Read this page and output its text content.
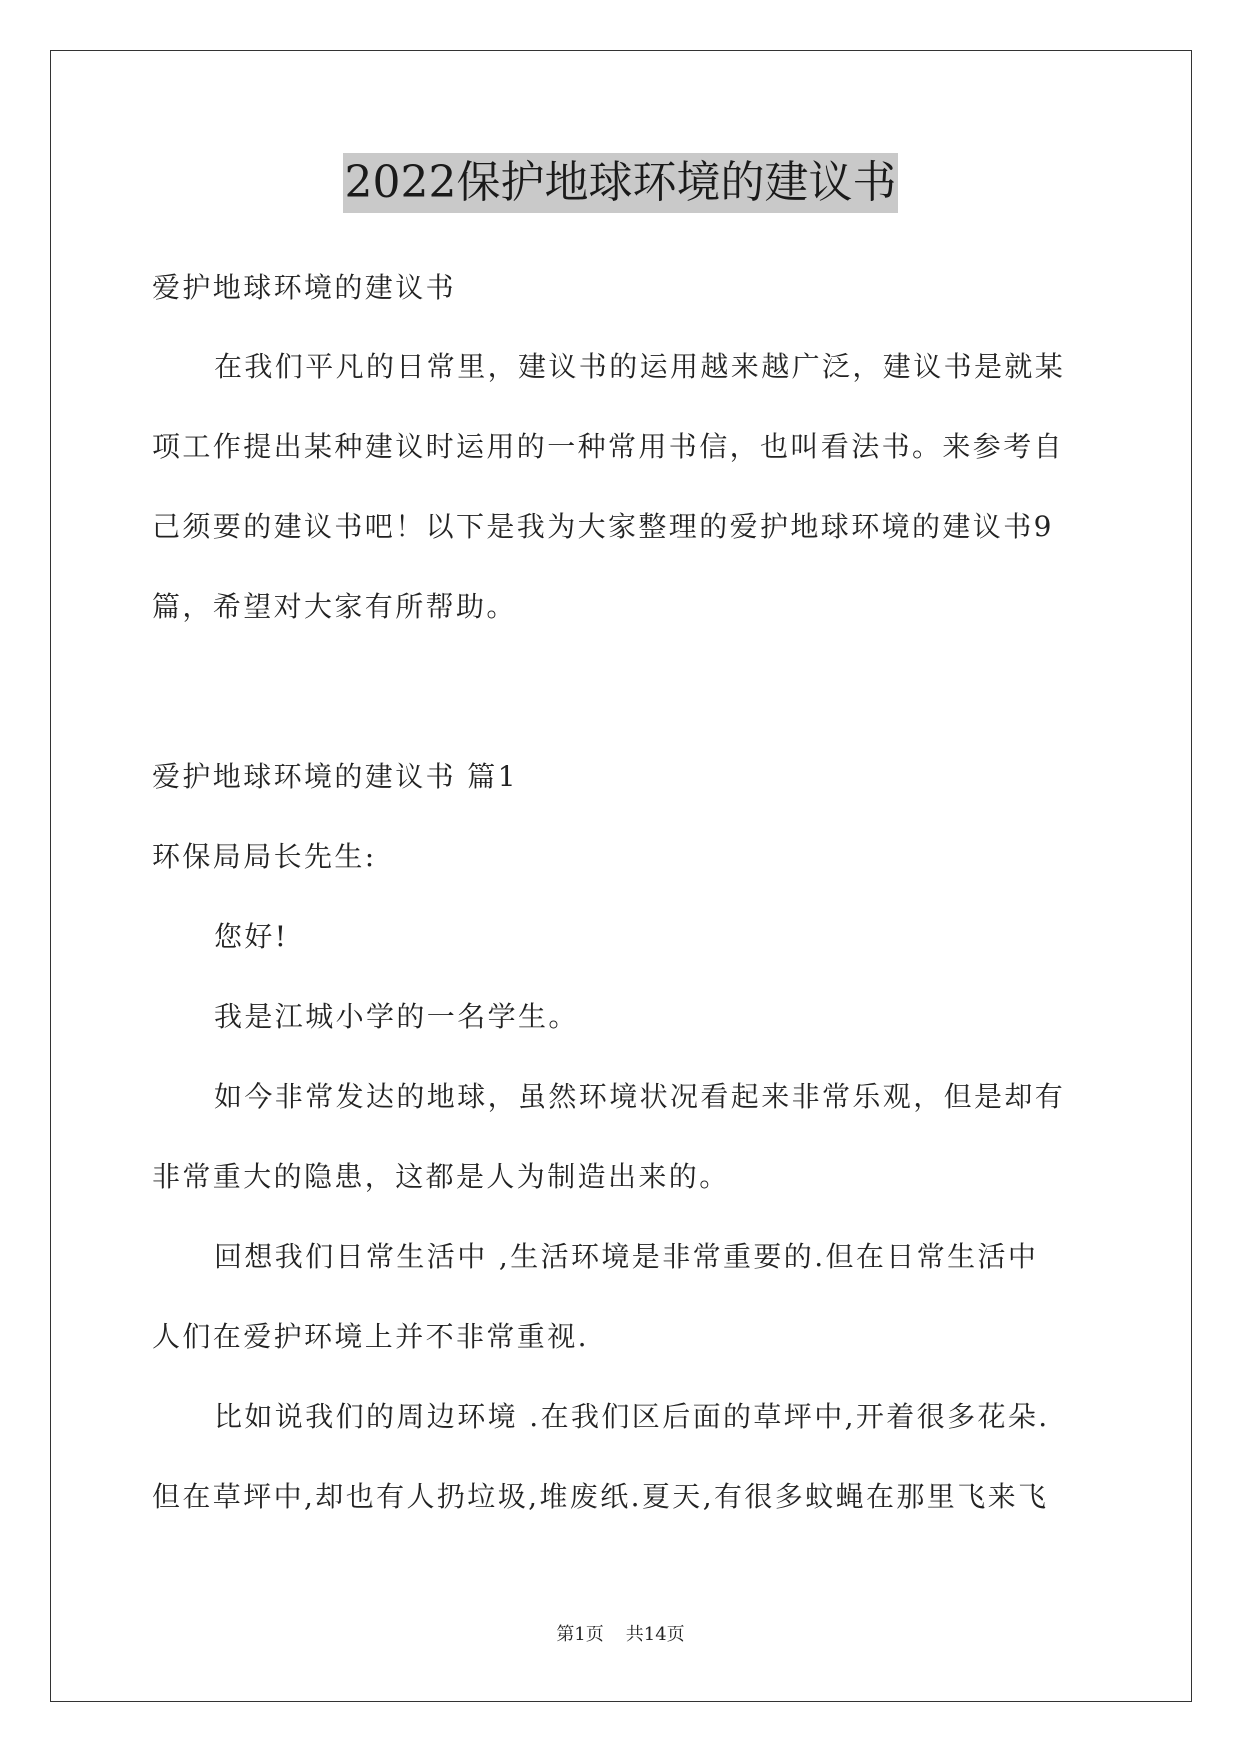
2022保护地球环境的建议书
爱护地球环境的建议书
在我们平凡的日常里，建议书的运用越来越广泛，建议书是就某
项工作提出某种建议时运用的一种常用书信，也叫看法书。来参考自
己须要的建议书吧！以下是我为大家整理的爱护地球环境的建议书9
篇，希望对大家有所帮助。
爱护地球环境的建议书 篇1
环保局局长先生:
您好!
我是江城小学的一名学生。
如今非常发达的地球，虽然环境状况看起来非常乐观，但是却有
非常重大的隐患，这都是人为制造出来的。
回想我们日常生活中 ,生活环境是非常重要的.但在日常生活中
人们在爱护环境上并不非常重视.
比如说我们的周边环境 .在我们区后面的草坪中,开着很多花朵.
但在草坪中,却也有人扔垃圾,堆废纸.夏天,有很多蚊蝇在那里飞来飞
第1页 共14页
